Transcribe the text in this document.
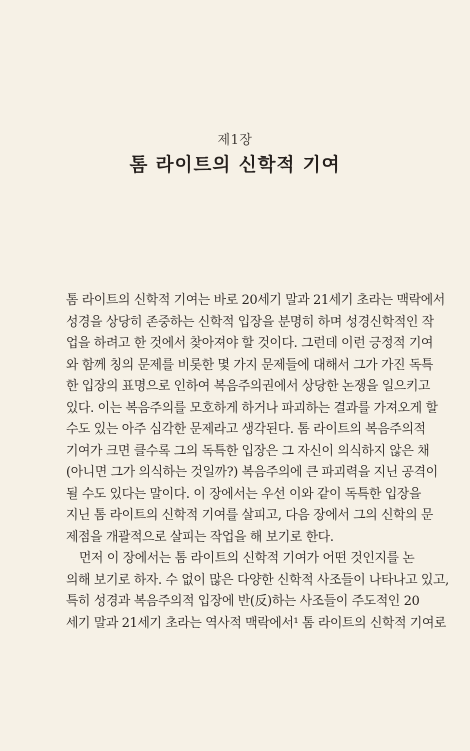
제1장
톰 라이트의 신학적 기여
톰 라이트의 신학적 기여는 바로 20세기 말과 21세기 초라는 맥락에서
성경을 상당히 존중하는 신학적 입장을 분명히 하며 성경신학적인 작
업을 하려고 한 것에서 찾아져야 할 것이다. 그런데 이런 긍정적 기여
와 함께 칭의 문제를 비롯한 몇 가지 문제들에 대해서 그가 가진 독특
한 입장의 표명으로 인하여 복음주의권에서 상당한 논쟁을 일으키고
있다. 이는 복음주의를 모호하게 하거나 파괴하는 결과를 가져오게 할
수도 있는 아주 심각한 문제라고 생각된다. 톰 라이트의 복음주의적
기여가 크면 클수록 그의 독특한 입장은 그 자신이 의식하지 않은 채
(아니면 그가 의식하는 것일까?) 복음주의에 큰 파괴력을 지닌 공격이
될 수도 있다는 말이다. 이 장에서는 우선 이와 같이 독특한 입장을
지닌 톰 라이트의 신학적 기여를 살피고, 다음 장에서 그의 신학의 문
제점을 개괄적으로 살피는 작업을 해 보기로 한다.
먼저 이 장에서는 톰 라이트의 신학적 기여가 어떤 것인지를 논
의해 보기로 하자. 수 없이 많은 다양한 신학적 사조들이 나타나고 있고,
특히 성경과 복음주의적 입장에 반(反)하는 사조들이 주도적인 20
세기 말과 21세기 초라는 역사적 맥락에서¹ 톰 라이트의 신학적 기여로
